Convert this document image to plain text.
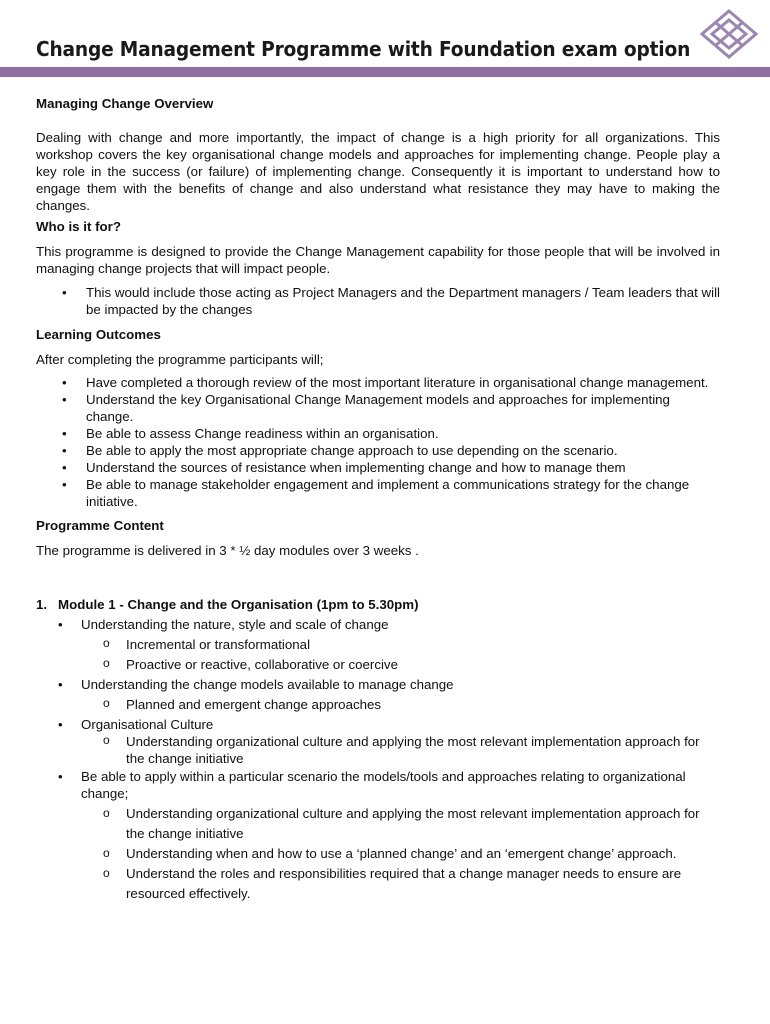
Change Management Programme with Foundation exam option

Managing Change Overview

Dealing with change and more importantly, the impact of change is a high priority for all organizations. This workshop covers the key organisational change models and approaches for implementing change. People play a key role in the success (or failure) of implementing change. Consequently it is important to understand how to engage them with the benefits of change and also understand what resistance they may have to making the changes.

Who is it for?

This programme is designed to provide the Change Management capability for those people that will be involved in managing change projects that will impact people.

• This would include those acting as Project Managers and the Department managers / Team leaders that will be impacted by the changes

Learning Outcomes

After completing the programme participants will;

• Have completed a thorough review of the most important literature in organisational change management.
• Understand the key Organisational Change Management models and approaches for implementing change.
• Be able to assess Change readiness within an organisation.
• Be able to apply the most appropriate change approach to use depending on the scenario.
• Understand the sources of resistance when implementing change and how to manage them
• Be able to manage stakeholder engagement and implement a communications strategy for the change initiative.

Programme Content

The programme is delivered in 3 * ½ day modules over 3 weeks .

1. Module 1 - Change and the Organisation (1pm to 5.30pm)

• Understanding the nature, style and scale of change
o Incremental or transformational
o Proactive or reactive, collaborative or coercive
• Understanding the change models available to manage change
o Planned and emergent change approaches
• Organisational Culture
o Understanding organizational culture and applying the most relevant implementation approach for the change initiative
• Be able to apply within a particular scenario the models/tools and approaches relating to organizational change;
o Understanding organizational culture and applying the most relevant implementation approach for the change initiative
o Understanding when and how to use a ‘planned change’ and an ‘emergent change’ approach.
o Understand the roles and responsibilities required that a change manager needs to ensure are resourced effectively.
